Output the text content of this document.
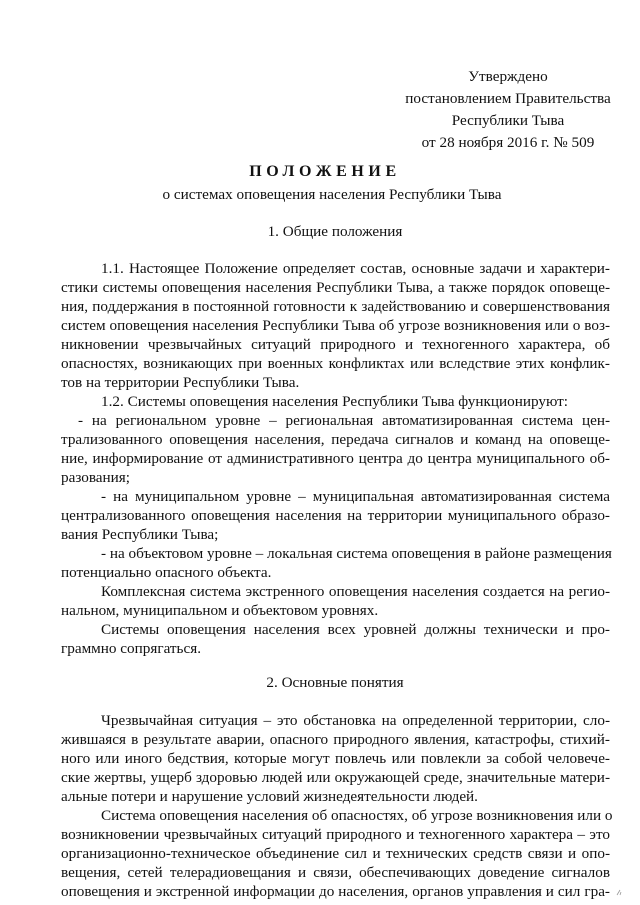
Утверждено
постановлением Правительства
Республики Тыва
от 28 ноября 2016 г. № 509
ПОЛОЖЕНИЕ
о системах оповещения населения Республики Тыва
1. Общие положения
1.1. Настоящее Положение определяет состав, основные задачи и характери-
стики системы оповещения населения Республики Тыва, а также порядок оповеще-
ния, поддержания в постоянной готовности к задействованию и совершенствования
систем оповещения населения Республики Тыва об угрозе возникновения или о воз-
никновении чрезвычайных ситуаций природного и техногенного характера, об
опасностях, возникающих при военных конфликтах или вследствие этих конфлик-
тов на территории Республики Тыва.
1.2. Системы оповещения населения Республики Тыва функционируют:
- на региональном уровне – региональная автоматизированная система цен-
трализованного оповещения населения, передача сигналов и команд на оповеще-
ние, информирование от административного центра до центра муниципального об-
разования;
- на муниципальном уровне – муниципальная автоматизированная система
централизованного оповещения населения на территории муниципального образо-
вания Республики Тыва;
- на объектовом уровне – локальная система оповещения в районе размещения
потенциально опасного объекта.
Комплексная система экстренного оповещения населения создается на регио-
нальном, муниципальном и объектовом уровнях.
Системы оповещения населения всех уровней должны технически и про-
граммно сопрягаться.
2. Основные понятия
Чрезвычайная ситуация – это обстановка на определенной территории, сло-
жившаяся в результате аварии, опасного природного явления, катастрофы, стихий-
ного или иного бедствия, которые могут повлечь или повлекли за собой человече-
ские жертвы, ущерб здоровью людей или окружающей среде, значительные матери-
альные потери и нарушение условий жизнедеятельности людей.
Система оповещения населения об опасностях, об угрозе возникновения или о
возникновении чрезвычайных ситуаций природного и техногенного характера – это
организационно-техническое объединение сил и технических средств связи и опо-
вещения, сетей телерадиовещания и связи, обеспечивающих доведение сигналов
оповещения и экстренной информации до населения, органов управления и сил гра-
